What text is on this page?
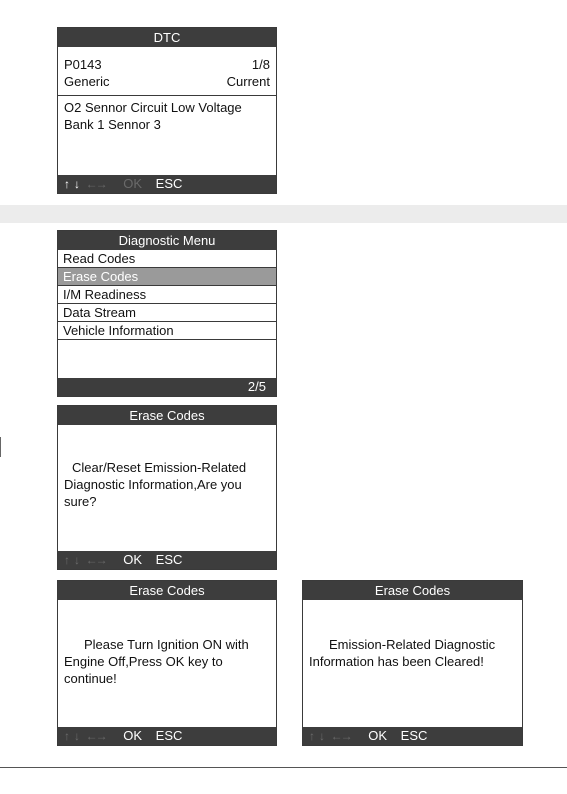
DTC
P0143	1/8
Generic	Current
O2 Sennor Circuit Low Voltage
Bank 1 Sennor 3
↑ ↓ ←→ OK ESC
Diagnostic Menu
Read Codes
Erase Codes
I/M Readiness
Data Stream
Vehicle Information
2/5
Erase Codes
Clear/Reset Emission-Related
Diagnostic Information,Are you
sure?
↑ ↓ ←→ OK ESC
Erase Codes
Please Turn Ignition ON with
Engine Off,Press OK key to
continue!
↑ ↓ ←→ OK ESC
Erase Codes
Emission-Related Diagnostic
Information has been Cleared!
↑ ↓ ←→ OK ESC
